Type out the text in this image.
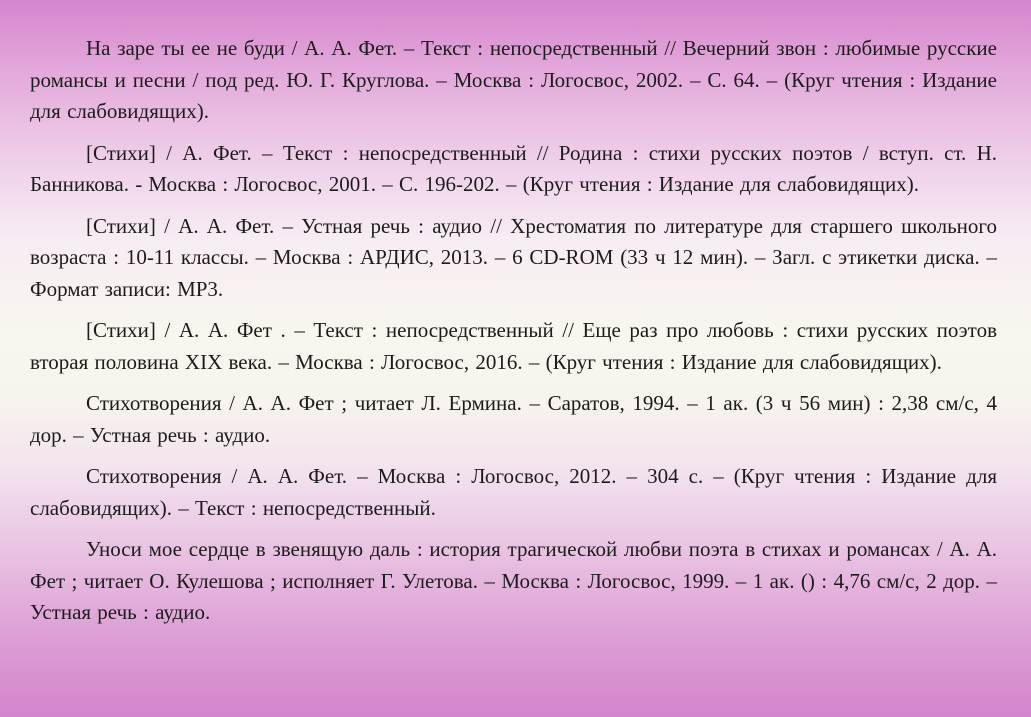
На заре ты ее не буди / А. А. Фет. – Текст : непосредственный // Вечерний звон : любимые русские романсы и песни / под ред. Ю. Г. Круглова. – Москва : Логосвос, 2002. – С. 64. – (Круг чтения : Издание для слабовидящих).

[Стихи] / А. Фет. – Текст : непосредственный // Родина : стихи русских поэтов / вступ. ст. Н. Банникова. - Москва : Логосвос, 2001. – С. 196-202. – (Круг чтения : Издание для слабовидящих).

[Стихи] / А. А. Фет. – Устная речь : аудио // Хрестоматия по литературе для старшего школьного возраста : 10-11 классы. – Москва : АРДИС, 2013. – 6 CD-ROM (33 ч 12 мин). – Загл. с этикетки диска. – Формат записи: MP3.

[Стихи] / А. А. Фет . – Текст : непосредственный // Еще раз про любовь : стихи русских поэтов вторая половина XIX века. – Москва : Логосвос, 2016. – (Круг чтения : Издание для слабовидящих).

Стихотворения / А. А. Фет ; читает Л. Ермина. – Саратов, 1994. – 1 ак. (3 ч 56 мин) : 2,38 см/с, 4 дор. – Устная речь : аудио.

Стихотворения / А. А. Фет. – Москва : Логосвос, 2012. – 304 с. – (Круг чтения : Издание для слабовидящих). – Текст : непосредственный.

Уноси мое сердце в звенящую даль : история трагической любви поэта в стихах и романсах / А. А. Фет ; читает О. Кулешова ; исполняет Г. Улетова. – Москва : Логосвос, 1999. – 1 ак. () : 4,76 см/с, 2 дор. – Устная речь : аудио.
